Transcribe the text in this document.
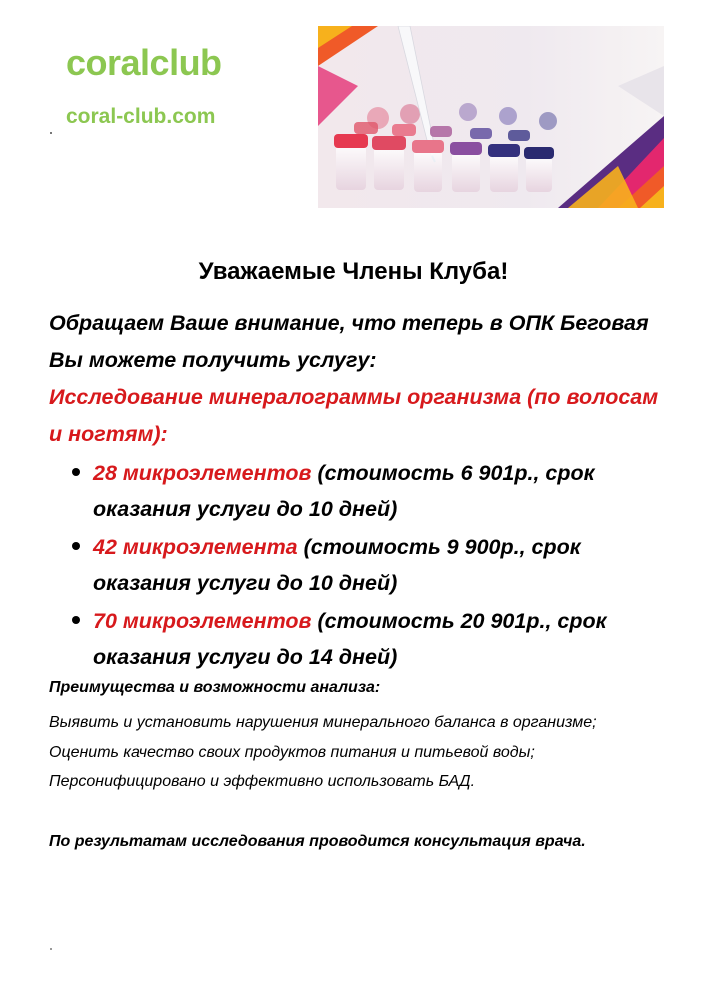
coralclub
coral-club.com
Уважаемые Члены Клуба!
Обращаем Ваше внимание, что теперь в ОПК Беговая Вы можете получить услугу:
Исследование минералограммы организма (по волосам и ногтям):
28 микроэлементов (стоимость 6 901р., срок оказания услуги до 10 дней)
42 микроэлемента (стоимость 9 900р., срок оказания услуги до 10 дней)
70 микроэлементов (стоимость 20 901р., срок оказания услуги до 14 дней)
Преимущества и возможности анализа:

Выявить и установить нарушения минерального баланса в организме;

Оценить качество своих продуктов питания и питьевой воды;

Персонифицировано и эффективно использовать БАД.

По результатам исследования проводится консультация врача.
